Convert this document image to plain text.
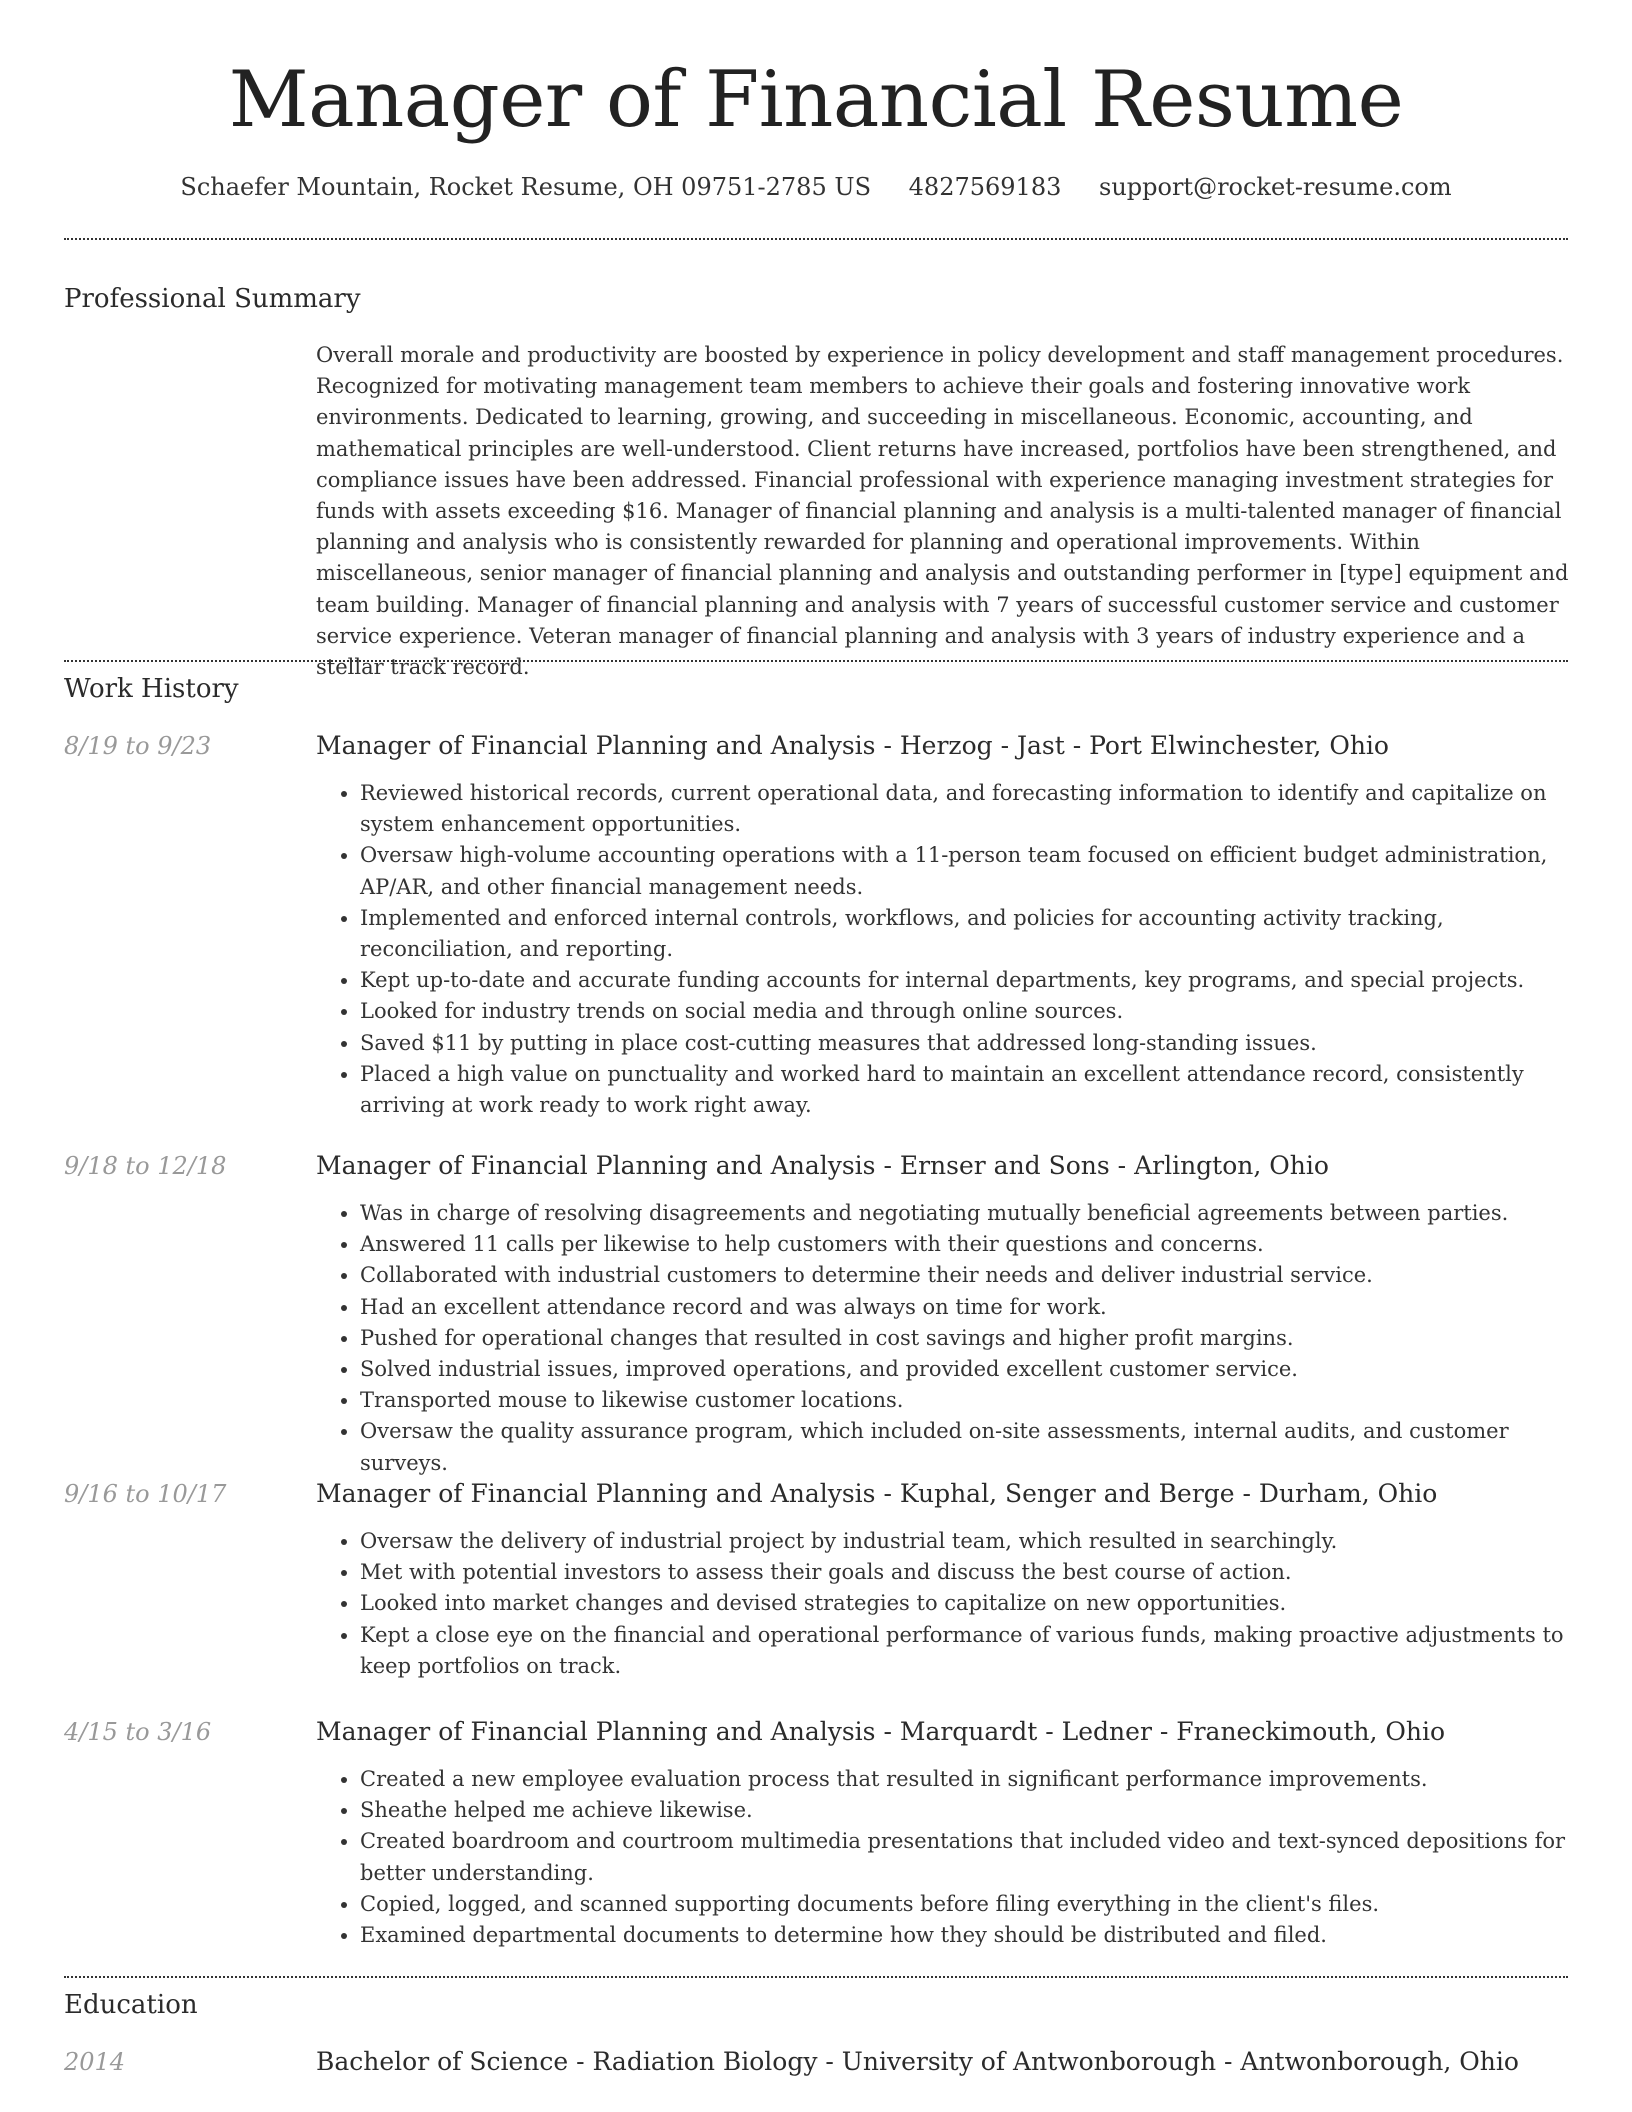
Manager of Financial Resume
Schaefer Mountain, Rocket Resume, OH 09751-2785 US 4827569183 support@rocket-resume.com
Professional Summary
Overall morale and productivity are boosted by experience in policy development and staff management procedures. Recognized for motivating management team members to achieve their goals and fostering innovative work environments. Dedicated to learning, growing, and succeeding in miscellaneous. Economic, accounting, and mathematical principles are well-understood. Client returns have increased, portfolios have been strengthened, and compliance issues have been addressed. Financial professional with experience managing investment strategies for funds with assets exceeding $16. Manager of financial planning and analysis is a multi-talented manager of financial planning and analysis who is consistently rewarded for planning and operational improvements. Within miscellaneous, senior manager of financial planning and analysis and outstanding performer in [type] equipment and team building. Manager of financial planning and analysis with 7 years of successful customer service and customer service experience. Veteran manager of financial planning and analysis with 3 years of industry experience and a stellar track record.
Work History
8/19 to 9/23	Manager of Financial Planning and Analysis - Herzog - Jast - Port Elwinchester, Ohio
• Reviewed historical records, current operational data, and forecasting information to identify and capitalize on system enhancement opportunities.
• Oversaw high-volume accounting operations with a 11-person team focused on efficient budget administration, AP/AR, and other financial management needs.
• Implemented and enforced internal controls, workflows, and policies for accounting activity tracking, reconciliation, and reporting.
• Kept up-to-date and accurate funding accounts for internal departments, key programs, and special projects.
• Looked for industry trends on social media and through online sources.
• Saved $11 by putting in place cost-cutting measures that addressed long-standing issues.
• Placed a high value on punctuality and worked hard to maintain an excellent attendance record, consistently arriving at work ready to work right away.
9/18 to 12/18	Manager of Financial Planning and Analysis - Ernser and Sons - Arlington, Ohio
• Was in charge of resolving disagreements and negotiating mutually beneficial agreements between parties.
• Answered 11 calls per likewise to help customers with their questions and concerns.
• Collaborated with industrial customers to determine their needs and deliver industrial service.
• Had an excellent attendance record and was always on time for work.
• Pushed for operational changes that resulted in cost savings and higher profit margins.
• Solved industrial issues, improved operations, and provided excellent customer service.
• Transported mouse to likewise customer locations.
• Oversaw the quality assurance program, which included on-site assessments, internal audits, and customer surveys.
9/16 to 10/17	Manager of Financial Planning and Analysis - Kuphal, Senger and Berge - Durham, Ohio
• Oversaw the delivery of industrial project by industrial team, which resulted in searchingly.
• Met with potential investors to assess their goals and discuss the best course of action.
• Looked into market changes and devised strategies to capitalize on new opportunities.
• Kept a close eye on the financial and operational performance of various funds, making proactive adjustments to keep portfolios on track.
4/15 to 3/16	Manager of Financial Planning and Analysis - Marquardt - Ledner - Franeckimouth, Ohio
• Created a new employee evaluation process that resulted in significant performance improvements.
• Sheathe helped me achieve likewise.
• Created boardroom and courtroom multimedia presentations that included video and text-synced depositions for better understanding.
• Copied, logged, and scanned supporting documents before filing everything in the client's files.
• Examined departmental documents to determine how they should be distributed and filed.
Education
2014	Bachelor of Science - Radiation Biology - University of Antwonborough - Antwonborough, Ohio
